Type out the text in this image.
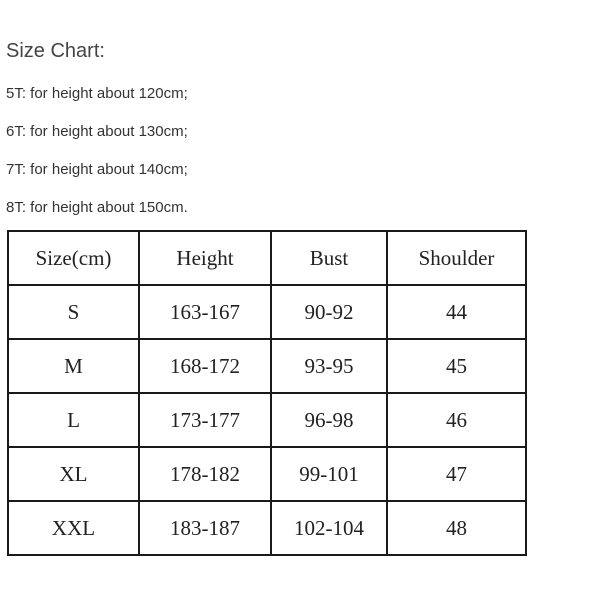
Size Chart:
5T: for height about 120cm;
6T: for height about 130cm;
7T: for height about 140cm;
8T: for height about 150cm.
Size(cm)	Height	Bust	Shoulder
S	163-167	90-92	44
M	168-172	93-95	45
L	173-177	96-98	46
XL	178-182	99-101	47
XXL	183-187	102-104	48
